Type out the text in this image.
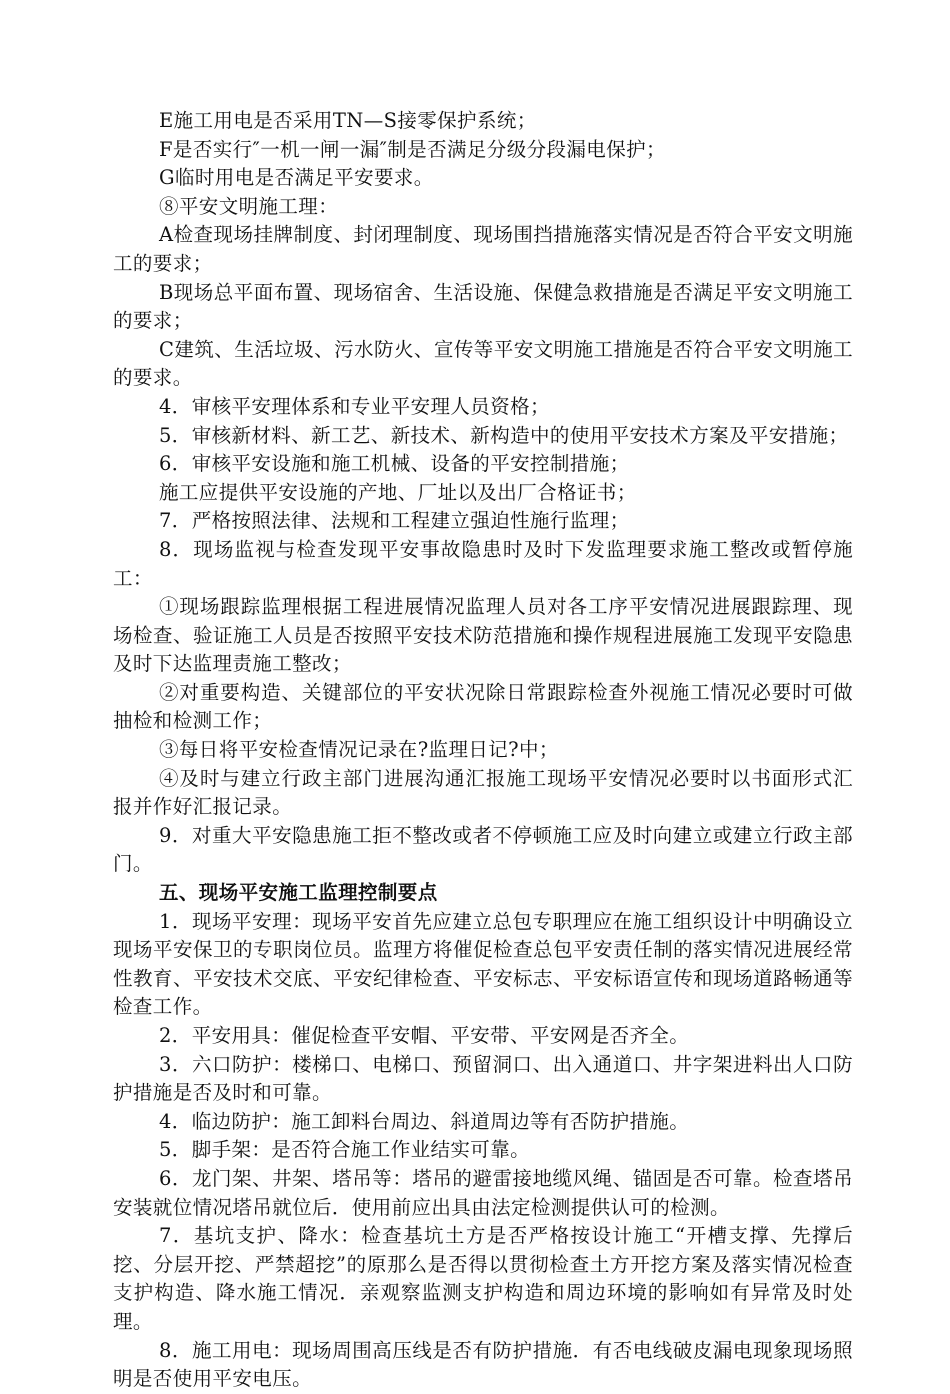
E施工用电是否采用TN—S接零保护系统；

F是否实行″一机一闸一漏″制是否满足分级分段漏电保护；

G临时用电是否满足平安要求。

⑧平安文明施工理：

A检查现场挂牌制度、封闭理制度、现场围挡措施落实情况是否符合平安文明施工的要求；

B现场总平面布置、现场宿舍、生活设施、保健急救措施是否满足平安文明施工的要求；

C建筑、生活垃圾、污水防火、宣传等平安文明施工措施是否符合平安文明施工的要求。

4．审核平安理体系和专业平安理人员资格；

5．审核新材料、新工艺、新技术、新构造中的使用平安技术方案及平安措施；

6．审核平安设施和施工机械、设备的平安控制措施；

施工应提供平安设施的产地、厂址以及出厂合格证书；

7．严格按照法律、法规和工程建立强迫性施行监理；

8．现场监视与检查发现平安事故隐患时及时下发监理要求施工整改或暂停施工：

①现场跟踪监理根据工程进展情况监理人员对各工序平安情况进展跟踪理、现场检查、验证施工人员是否按照平安技术防范措施和操作规程进展施工发现平安隐患及时下达监理责施工整改；

②对重要构造、关键部位的平安状况除日常跟踪检查外视施工情况必要时可做抽检和检测工作；

③每日将平安检查情况记录在?监理日记?中；

④及时与建立行政主部门进展沟通汇报施工现场平安情况必要时以书面形式汇报并作好汇报记录。

9．对重大平安隐患施工拒不整改或者不停顿施工应及时向建立或建立行政主部门。

五、现场平安施工监理控制要点

1．现场平安理：现场平安首先应建立总包专职理应在施工组织设计中明确设立现场平安保卫的专职岗位员。监理方将催促检查总包平安责任制的落实情况进展经常性教育、平安技术交底、平安纪律检查、平安标志、平安标语宣传和现场道路畅通等检查工作。

2．平安用具：催促检查平安帽、平安带、平安网是否齐全。

3．六口防护：楼梯口、电梯口、预留洞口、出入通道口、井字架进料出人口防护措施是否及时和可靠。

4．临边防护：施工卸料台周边、斜道周边等有否防护措施。

5．脚手架：是否符合施工作业结实可靠。

6．龙门架、井架、塔吊等：塔吊的避雷接地缆风绳、锚固是否可靠。检查塔吊安装就位情况塔吊就位后．使用前应出具由法定检测提供认可的检测。

7．基坑支护、降水：检查基坑土方是否严格按设计施工“开槽支撑、先撑后挖、分层开挖、严禁超挖”的原那么是否得以贯彻检查土方开挖方案及落实情况检查支护构造、降水施工情况．亲观察监测支护构造和周边环境的影响如有异常及时处理。

8．施工用电：现场周围高压线是否有防护措施．有否电线破皮漏电现象现场照明是否使用平安电压。
